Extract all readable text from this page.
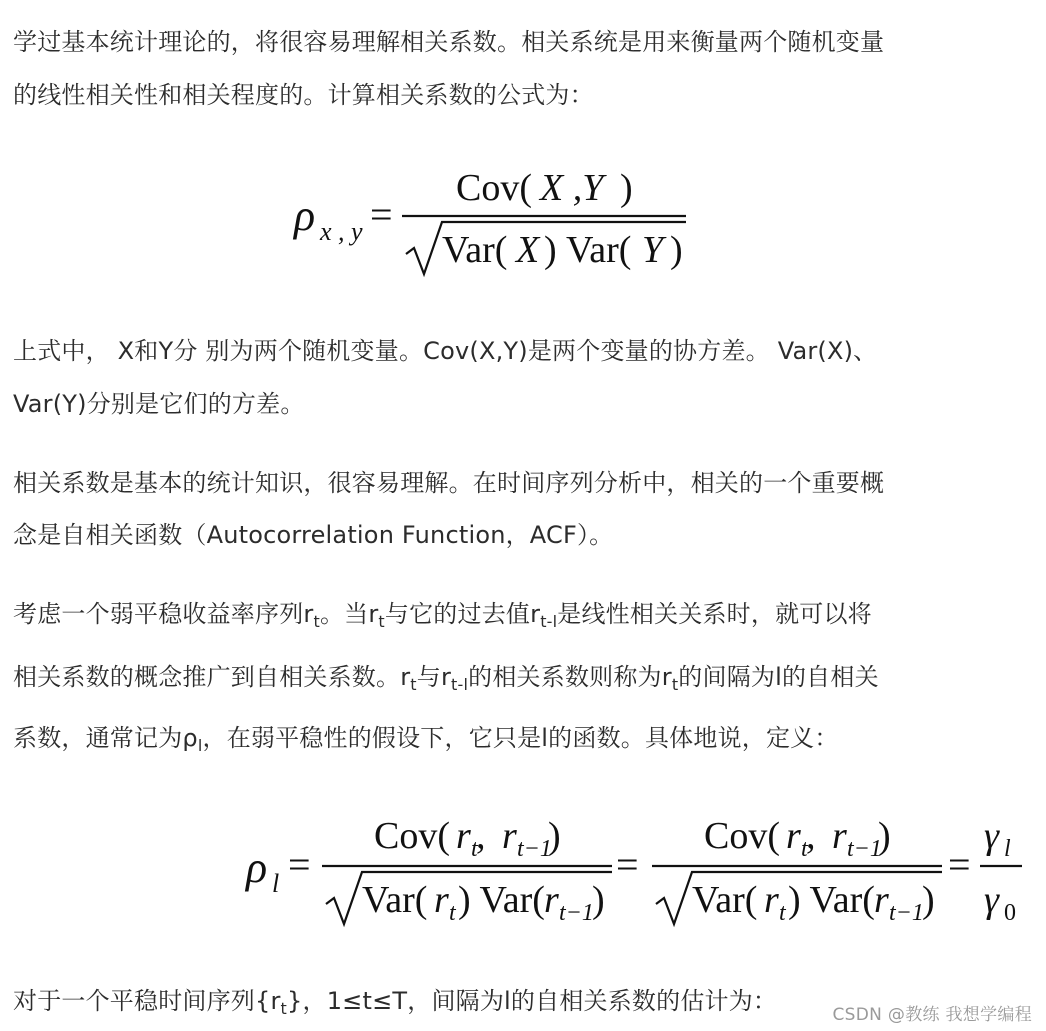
学过基本统计理论的，将很容易理解相关系数。相关系统是用来衡量两个随机变量
的线性相关性和相关程度的。计算相关系数的公式为：
ρ x , y =
Cov( X ,Y )
Var( X ) Var( Y )
上式中， X和Y分 别为两个随机变量。Cov(X,Y)是两个变量的协方差。 Var(X)、
Var(Y)分别是它们的方差。
相关系数是基本的统计知识，很容易理解。在时间序列分析中，相关的一个重要概
念是自相关函数（Autocorrelation Function，ACF）。
考虑一个弱平稳收益率序列$r_t$。当$r_t$与它的过去值$r_{t-l}$是线性相关关系时，就可以将
相关系数的概念推广到自相关系数。$r_t$与$r_{t-l}$的相关系数则称为$r_t$的间隔为l的自相关
系数，通常记为$\rho_l$，在弱平稳性的假设下，它只是l的函数。具体地说，定义：
ρ l =
Cov( r t
, r t−1
)
Var( r t ) Var( r t−1
)
=
Cov( r t
, r t−1
)
Var( r t ) Var( r t−1
)
=
γ l
γ 0
对于一个平稳时间序列$\{r_t\}$，1≤t≤T，间隔为l的自相关系数的估计为：	CSDN @教练 我想学编程
